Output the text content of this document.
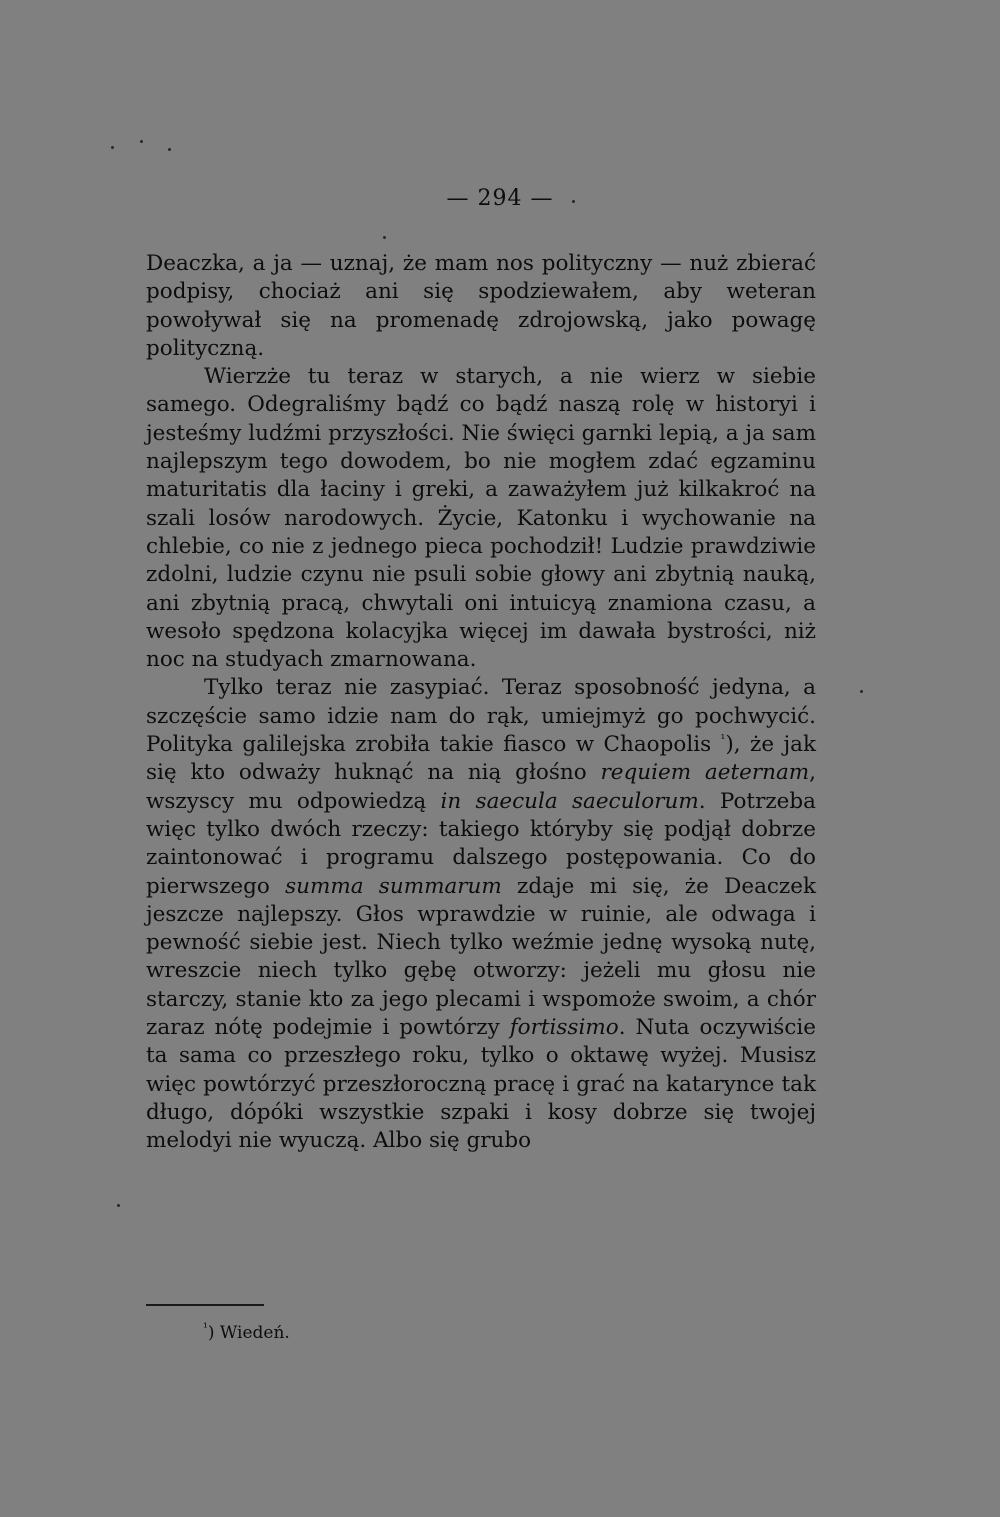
— 294 —

Deaczka, a ja — uznaj, że mam nos polityczny — nuż zbierać podpisy, chociaż ani się spodziewałem, aby weteran powoływał się na promenadę zdrojowską, jako powagę polityczną.

Wierzże tu teraz w starych, a nie wierz w siebie samego. Odegraliśmy bądź co bądź naszą rolę w historyi i jesteśmy ludźmi przyszłości. Nie święci garnki lepią, a ja sam najlepszym tego dowodem, bo nie mogłem zdać egzaminu maturitatis dla łaciny i greki, a zaważyłem już kilkakroć na szali losów narodowych. Życie, Katonku i wychowanie na chlebie, co nie z jednego pieca pochodził! Ludzie prawdziwie zdolni, ludzie czynu nie psuli sobie głowy ani zbytnią nauką, ani zbytnią pracą, chwytali oni intuicyą znamiona czasu, a wesoło spędzona kolacyjka więcej im dawała bystrości, niż noc na studyach zmarnowana.

Tylko teraz nie zasypiać. Teraz sposobność jedyna, a szczęście samo idzie nam do rąk, umiejmyż go pochwycić. Polityka galilejska zrobiła takie fiasco w Chaopolis $^{^1}$), że jak się kto odważy huknąć na nią głośno requiem aeternam, wszyscy mu odpowiedzą in saecula saeculorum. Potrzeba więc tylko dwóch rzeczy: takiego któryby się podjął dobrze zaintonować i programu dalszego postępowania. Co do pierwszego summa summarum zdaje mi się, że Deaczek jeszcze najlepszy. Głos wprawdzie w ruinie, ale odwaga i pewność siebie jest. Niech tylko weźmie jednę wysoką nutę, wreszcie niech tylko gębę otworzy: jeżeli mu głosu nie starczy, stanie kto za jego plecami i wspomoże swoim, a chór zaraz nótę podejmie i powtórzy fortissimo. Nuta oczywiście ta sama co przeszłego roku, tylko o oktawę wyżej. Musisz więc powtórzyć przeszłoroczną pracę i grać na katarynce tak długo, dópóki wszystkie szpaki i kosy dobrze się twojej melodyi nie wyuczą. Albo się grubo

$^{^1}$) Wiedeń.
